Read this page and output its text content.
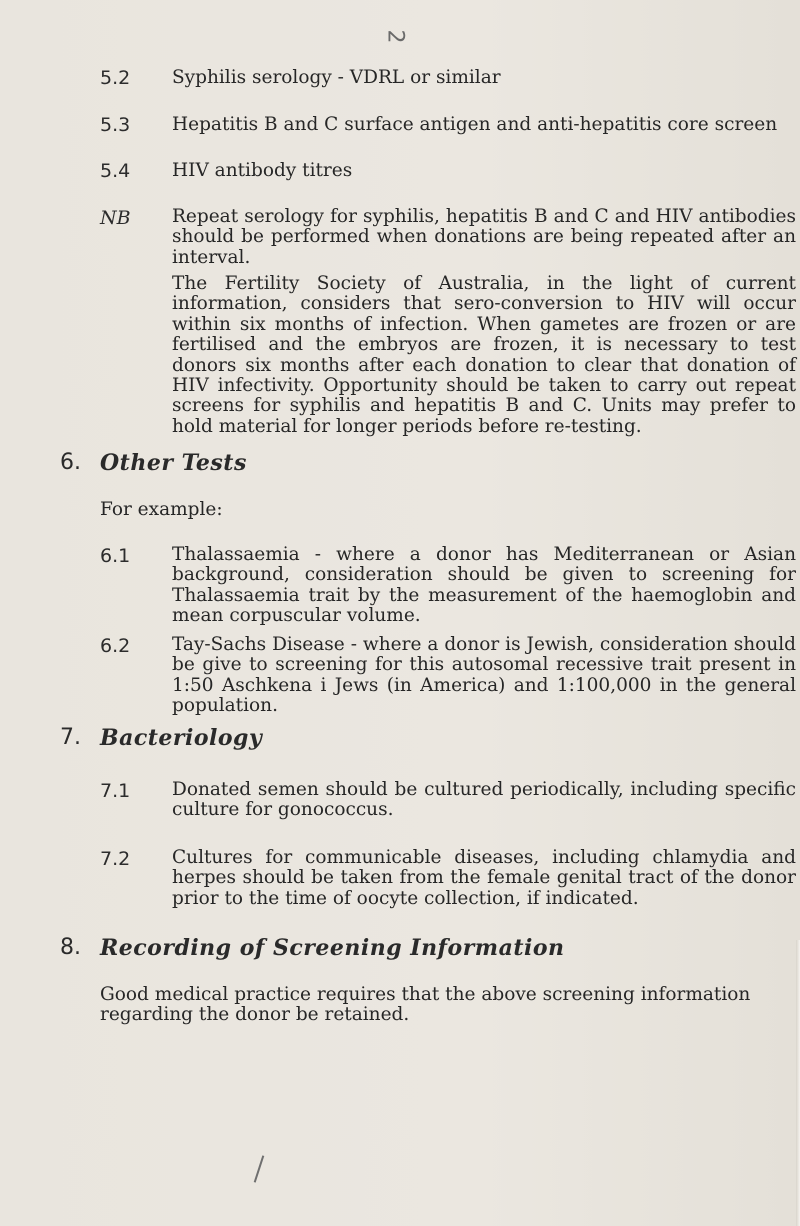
2
5.2 Syphilis serology - VDRL or similar
5.3 Hepatitis B and C surface antigen and anti-hepatitis core screen
5.4 HIV antibody titres
NB Repeat serology for syphilis, hepatitis B and C and HIV antibodies should be performed when donations are being repeated after an interval.
The Fertility Society of Australia, in the light of current information, considers that sero-conversion to HIV will occur within six months of infection. When gametes are frozen or are fertilised and the embryos are frozen, it is necessary to test donors six months after each donation to clear that donation of HIV infectivity. Opportunity should be taken to carry out repeat screens for syphilis and hepatitis B and C. Units may prefer to hold material for longer periods before re-testing.
6. Other Tests
For example:
6.1 Thalassaemia - where a donor has Mediterranean or Asian background, consideration should be given to screening for Thalassaemia trait by the measurement of the haemoglobin and mean corpuscular volume.
6.2 Tay-Sachs Disease - where a donor is Jewish, consideration should be give to screening for this autosomal recessive trait present in 1:50 Aschkena i Jews (in America) and 1:100,000 in the general population.
7. Bacteriology
7.1 Donated semen should be cultured periodically, including specific culture for gonococcus.
7.2 Cultures for communicable diseases, including chlamydia and herpes should be taken from the female genital tract of the donor prior to the time of oocyte collection, if indicated.
8. Recording of Screening Information
Good medical practice requires that the above screening information regarding the donor be retained.
